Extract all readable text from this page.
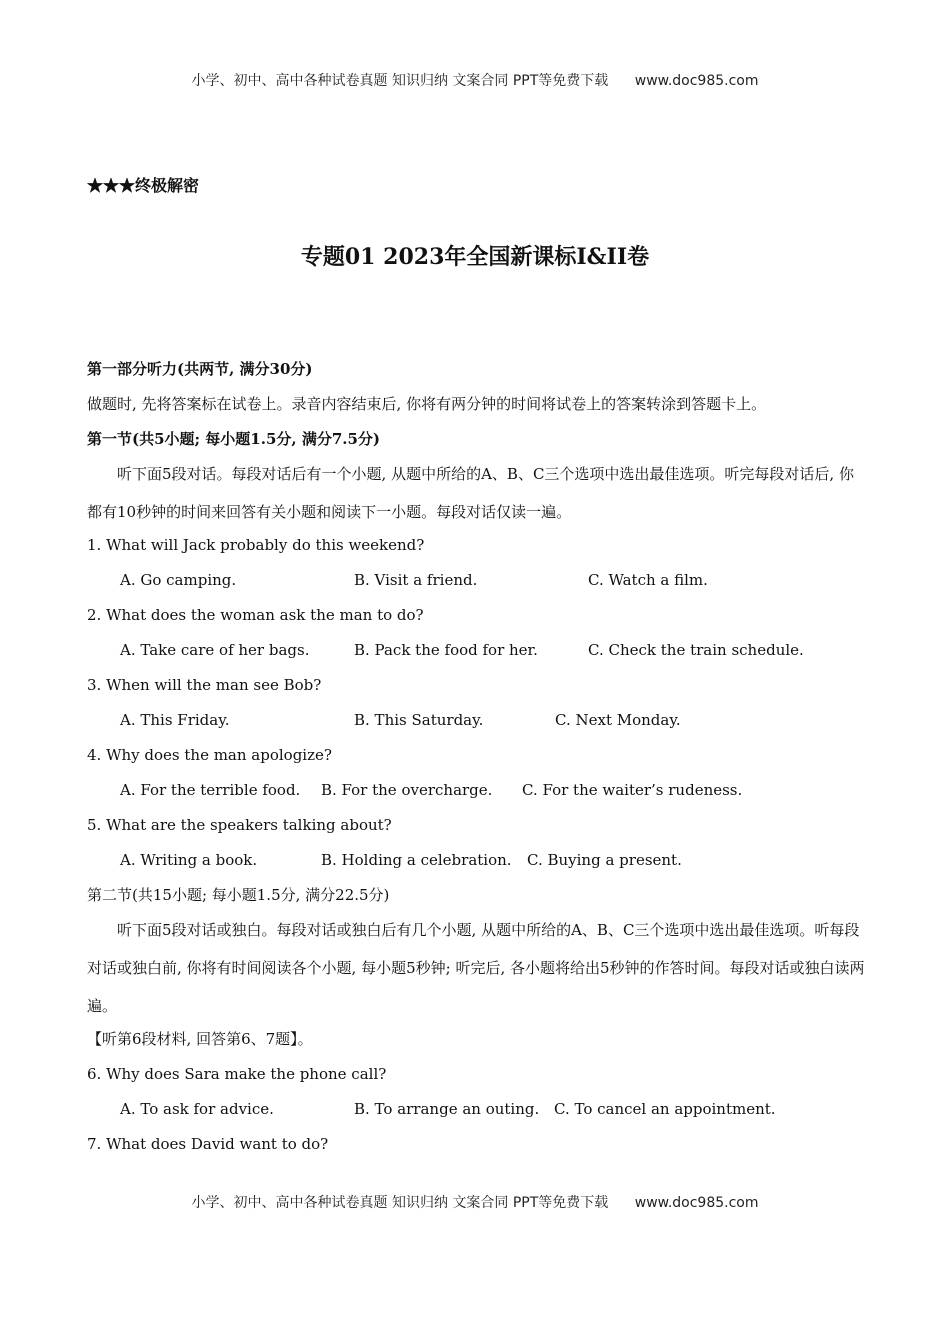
小学、初中、高中各种试卷真题 知识归纳 文案合同 PPT等免费下载 www.doc985.com
★★★终极解密
专题01 2023年全国新课标I&II卷
第一部分听力(共两节, 满分30分)
做题时, 先将答案标在试卷上。录音内容结束后, 你将有两分钟的时间将试卷上的答案转涂到答题卡上。
第一节(共5小题; 每小题1.5分, 满分7.5分)
听下面5段对话。每段对话后有一个小题, 从题中所给的A、B、C三个选项中选出最佳选项。听完每段对话后, 你都有10秒钟的时间来回答有关小题和阅读下一小题。每段对话仅读一遍。
1. What will Jack probably do this weekend?
A. Go camping.	B. Visit a friend.	C. Watch a film.
2. What does the woman ask the man to do?
A. Take care of her bags.	B. Pack the food for her.	C. Check the train schedule.
3. When will the man see Bob?
A. This Friday.	B. This Saturday.	C. Next Monday.
4. Why does the man apologize?
A. For the terrible food. B. For the overcharge. C. For the waiter’s rudeness.
5. What are the speakers talking about?
A. Writing a book.	B. Holding a celebration. C. Buying a present.
第二节(共15小题; 每小题1.5分, 满分22.5分)
听下面5段对话或独白。每段对话或独白后有几个小题, 从题中所给的A、B、C三个选项中选出最佳选项。听每段对话或独白前, 你将有时间阅读各个小题, 每小题5秒钟; 听完后, 各小题将给出5秒钟的作答时间。每段对话或独白读两遍。
【听第6段材料, 回答第6、7题】。
6. Why does Sara make the phone call?
A. To ask for advice.	B. To arrange an outing. C. To cancel an appointment.
7. What does David want to do?
小学、初中、高中各种试卷真题 知识归纳 文案合同 PPT等免费下载 www.doc985.com
